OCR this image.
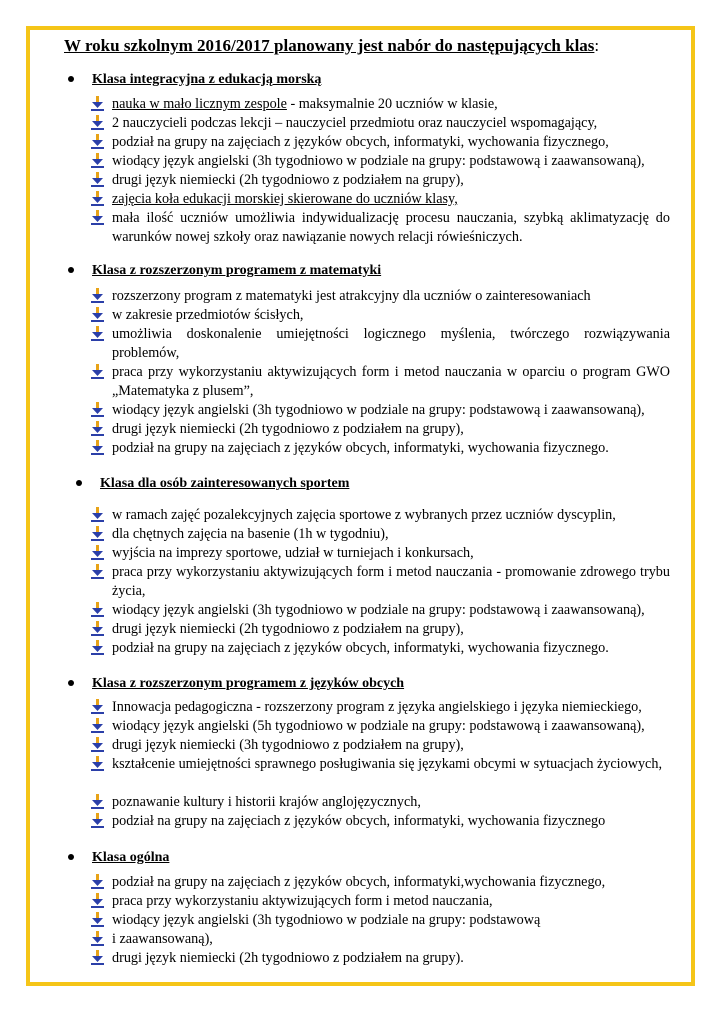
W roku szkolnym 2016/2017 planowany jest nabór do następujących klas:
Klasa integracyjna z edukacją morską
nauka w mało licznym zespole - maksymalnie 20 uczniów w klasie,
2 nauczycieli podczas lekcji – nauczyciel przedmiotu oraz nauczyciel wspomagający,
podział na grupy na zajęciach z języków obcych, informatyki, wychowania fizycznego,
wiodący język angielski (3h tygodniowo w podziale na grupy: podstawową i zaawansowaną),
drugi język niemiecki (2h tygodniowo z podziałem na grupy),
zajęcia koła edukacji morskiej skierowane do uczniów klasy,
mała ilość uczniów umożliwia indywidualizację procesu nauczania, szybką aklimatyzację do warunków nowej szkoły oraz nawiązanie nowych relacji rówieśniczych.
Klasa z rozszerzonym programem z matematyki
rozszerzony program z matematyki jest atrakcyjny dla uczniów o zainteresowaniach
w zakresie przedmiotów ścisłych,
umożliwia doskonalenie umiejętności logicznego myślenia, twórczego rozwiązywania problemów,
praca przy wykorzystaniu aktywizujących form i metod nauczania w oparciu o program GWO „Matematyka z plusem”,
wiodący język angielski (3h tygodniowo w podziale na grupy: podstawową i zaawansowaną),
drugi język niemiecki (2h tygodniowo z podziałem na grupy),
podział na grupy na zajęciach z języków obcych, informatyki, wychowania fizycznego.
Klasa dla osób zainteresowanych sportem
w ramach zajęć pozalekcyjnych zajęcia sportowe z wybranych przez uczniów dyscyplin,
dla chętnych zajęcia na basenie (1h w tygodniu),
wyjścia na imprezy sportowe, udział w turniejach i konkursach,
praca przy wykorzystaniu aktywizujących form i metod nauczania - promowanie zdrowego trybu życia,
wiodący język angielski (3h tygodniowo w podziale na grupy: podstawową i zaawansowaną),
drugi język niemiecki (2h tygodniowo z podziałem na grupy),
podział na grupy na zajęciach z języków obcych, informatyki, wychowania fizycznego.
Klasa z rozszerzonym programem z języków obcych
Innowacja pedagogiczna - rozszerzony program z języka angielskiego i języka niemieckiego,
wiodący język angielski (5h tygodniowo w podziale na grupy: podstawową i zaawansowaną),
drugi język niemiecki (3h tygodniowo z podziałem na grupy),
kształcenie umiejętności sprawnego posługiwania się językami obcymi w sytuacjach życiowych,
poznawanie kultury i historii krajów anglojęzycznych,
podział na grupy na zajęciach z języków obcych, informatyki, wychowania fizycznego
Klasa ogólna
podział na grupy na zajęciach z języków obcych, informatyki,wychowania fizycznego,
praca przy wykorzystaniu aktywizujących form i metod nauczania,
wiodący język angielski (3h tygodniowo w podziale na grupy: podstawową
i zaawansowaną),
drugi język niemiecki (2h tygodniowo z podziałem na grupy).
